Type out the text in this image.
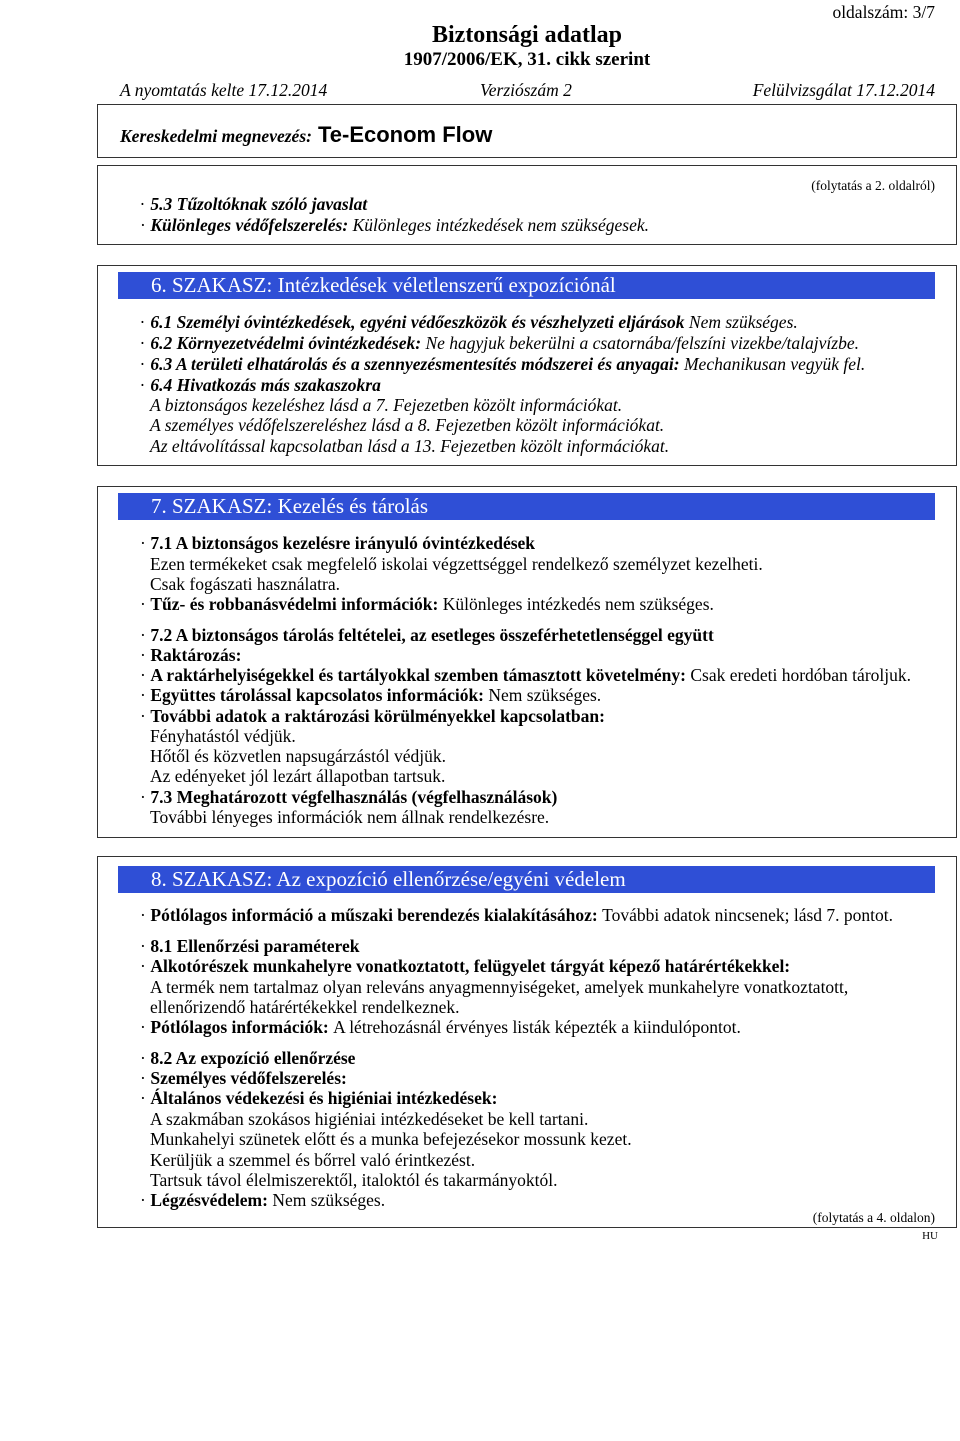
oldalszám: 3/7
Biztonsági adatlap
1907/2006/EK, 31. cikk szerint
A nyomtatás kelte 17.12.2014	Verziószám 2	Felülvizsgálat 17.12.2014
Kereskedelmi megnevezés: Te-Econom Flow
(folytatás a 2. oldalról)
· 5.3 Tűzoltóknak szóló javaslat
· Különleges védőfelszerelés: Különleges intézkedések nem szükségesek.
6. SZAKASZ: Intézkedések véletlenszerű expozíciónál
· 6.1 Személyi óvintézkedések, egyéni védőeszközök és vészhelyzeti eljárások Nem szükséges.
· 6.2 Környezetvédelmi óvintézkedések: Ne hagyjuk bekerülni a csatornába/felszíni vizekbe/talajvízbe.
· 6.3 A területi elhatárolás és a szennyezésmentesítés módszerei és anyagai: Mechanikusan vegyük fel.
· 6.4 Hivatkozás más szakaszokra
A biztonságos kezeléshez lásd a 7. Fejezetben közölt információkat.
A személyes védőfelszereléshez lásd a 8. Fejezetben közölt információkat.
Az eltávolítással kapcsolatban lásd a 13. Fejezetben közölt információkat.
7. SZAKASZ: Kezelés és tárolás
· 7.1 A biztonságos kezelésre irányuló óvintézkedések
Ezen termékeket csak megfelelő iskolai végzettséggel rendelkező személyzet kezelheti.
Csak fogászati használatra.
· Tűz- és robbanásvédelmi információk: Különleges intézkedés nem szükséges.
· 7.2 A biztonságos tárolás feltételei, az esetleges összeférhetetlenséggel együtt
· Raktározás:
· A raktárhelyiségekkel és tartályokkal szemben támasztott követelmény: Csak eredeti hordóban tároljuk.
· Együttes tárolással kapcsolatos információk: Nem szükséges.
· További adatok a raktározási körülményekkel kapcsolatban:
Fényhatástól védjük.
Hőtől és közvetlen napsugárzástól védjük.
Az edényeket jól lezárt állapotban tartsuk.
· 7.3 Meghatározott végfelhasználás (végfelhasználások)
További lényeges információk nem állnak rendelkezésre.
8. SZAKASZ: Az expozíció ellenőrzése/egyéni védelem
· Pótlólagos információ a műszaki berendezés kialakításához: További adatok nincsenek; lásd 7. pontot.
· 8.1 Ellenőrzési paraméterek
· Alkotórészek munkahelyre vonatkoztatott, felügyelet tárgyát képező határértékekkel:
A termék nem tartalmaz olyan releváns anyagmennyiségeket, amelyek munkahelyre vonatkoztatott,
ellenőrizendő határértékekkel rendelkeznek.
· Pótlólagos információk: A létrehozásnál érvényes listák képezték a kiindulópontot.
· 8.2 Az expozíció ellenőrzése
· Személyes védőfelszerelés:
· Általános védekezési és higiéniai intézkedések:
A szakmában szokásos higiéniai intézkedéseket be kell tartani.
Munkahelyi szünetek előtt és a munka befejezésekor mossunk kezet.
Kerüljük a szemmel és bőrrel való érintkezést.
Tartsuk távol élelmiszerektől, italoktól és takarmányoktól.
· Légzésvédelem: Nem szükséges.
(folytatás a 4. oldalon)
HU
